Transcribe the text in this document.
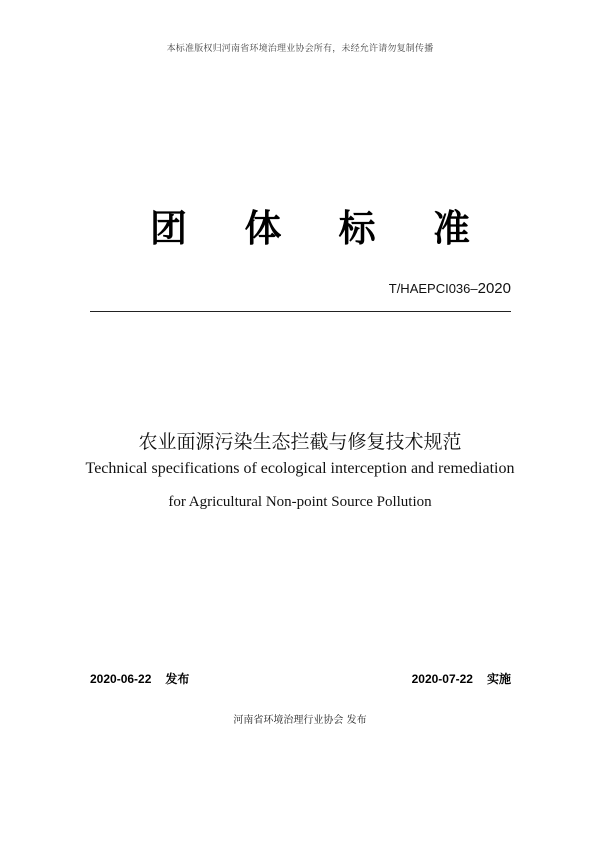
本标准版权归河南省环境治理业协会所有，未经允许请勿复制传播
团 体 标 准
T/HAEPCI036–2020
农业面源污染生态拦截与修复技术规范
Technical specifications of ecological interception and remediation
for Agricultural Non-point Source Pollution
2020-06-22 发布	2020-07-22 实施
河南省环境治理行业协会 发布
